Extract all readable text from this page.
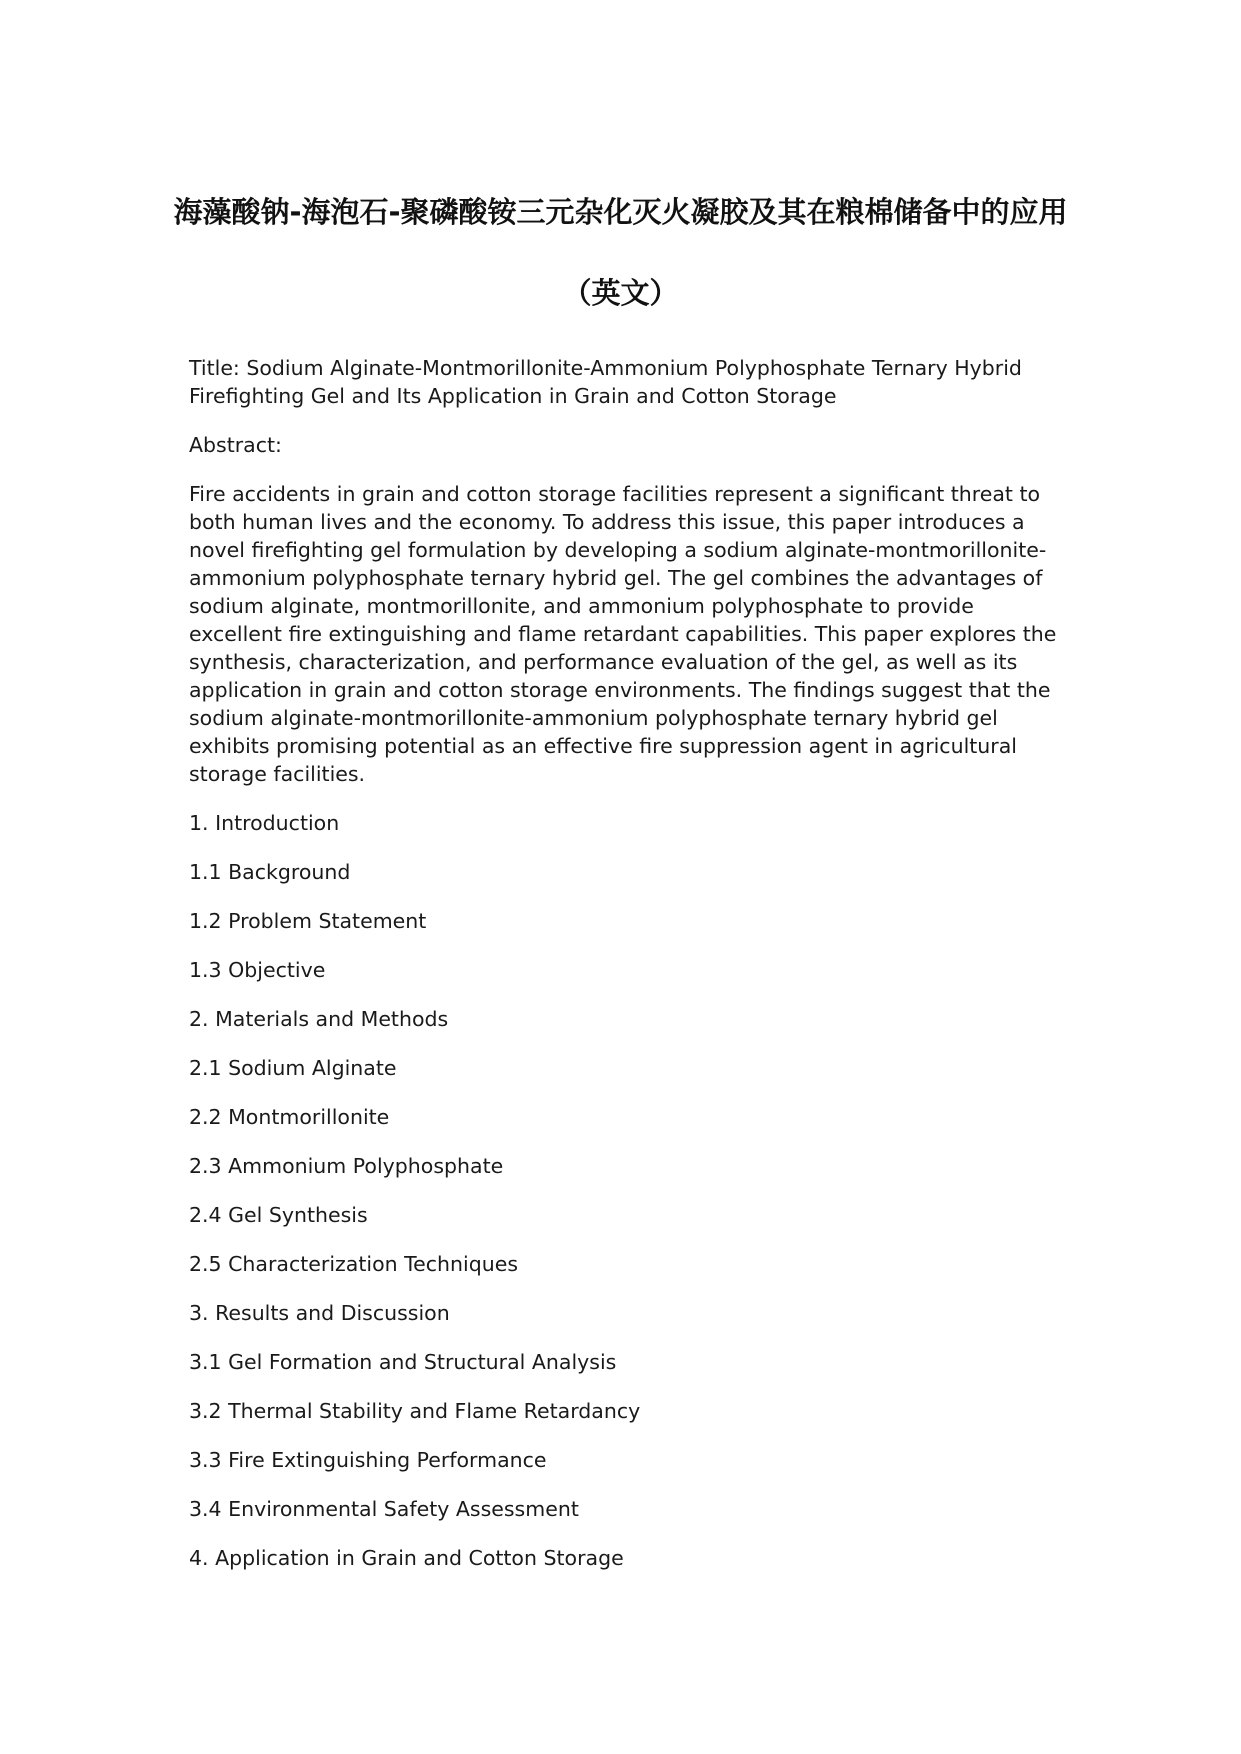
海藻酸钠-海泡石-聚磷酸铵三元杂化灭火凝胶及其在粮棉储备中的应用（英文）

Title: Sodium Alginate-Montmorillonite-Ammonium Polyphosphate Ternary Hybrid Firefighting Gel and Its Application in Grain and Cotton Storage

Abstract:

Fire accidents in grain and cotton storage facilities represent a significant threat to both human lives and the economy. To address this issue, this paper introduces a novel firefighting gel formulation by developing a sodium alginate-montmorillonite-ammonium polyphosphate ternary hybrid gel. The gel combines the advantages of sodium alginate, montmorillonite, and ammonium polyphosphate to provide excellent fire extinguishing and flame retardant capabilities. This paper explores the synthesis, characterization, and performance evaluation of the gel, as well as its application in grain and cotton storage environments. The findings suggest that the sodium alginate-montmorillonite-ammonium polyphosphate ternary hybrid gel exhibits promising potential as an effective fire suppression agent in agricultural storage facilities.

1. Introduction
1.1 Background
1.2 Problem Statement
1.3 Objective
2. Materials and Methods
2.1 Sodium Alginate
2.2 Montmorillonite
2.3 Ammonium Polyphosphate
2.4 Gel Synthesis
2.5 Characterization Techniques
3. Results and Discussion
3.1 Gel Formation and Structural Analysis
3.2 Thermal Stability and Flame Retardancy
3.3 Fire Extinguishing Performance
3.4 Environmental Safety Assessment
4. Application in Grain and Cotton Storage
